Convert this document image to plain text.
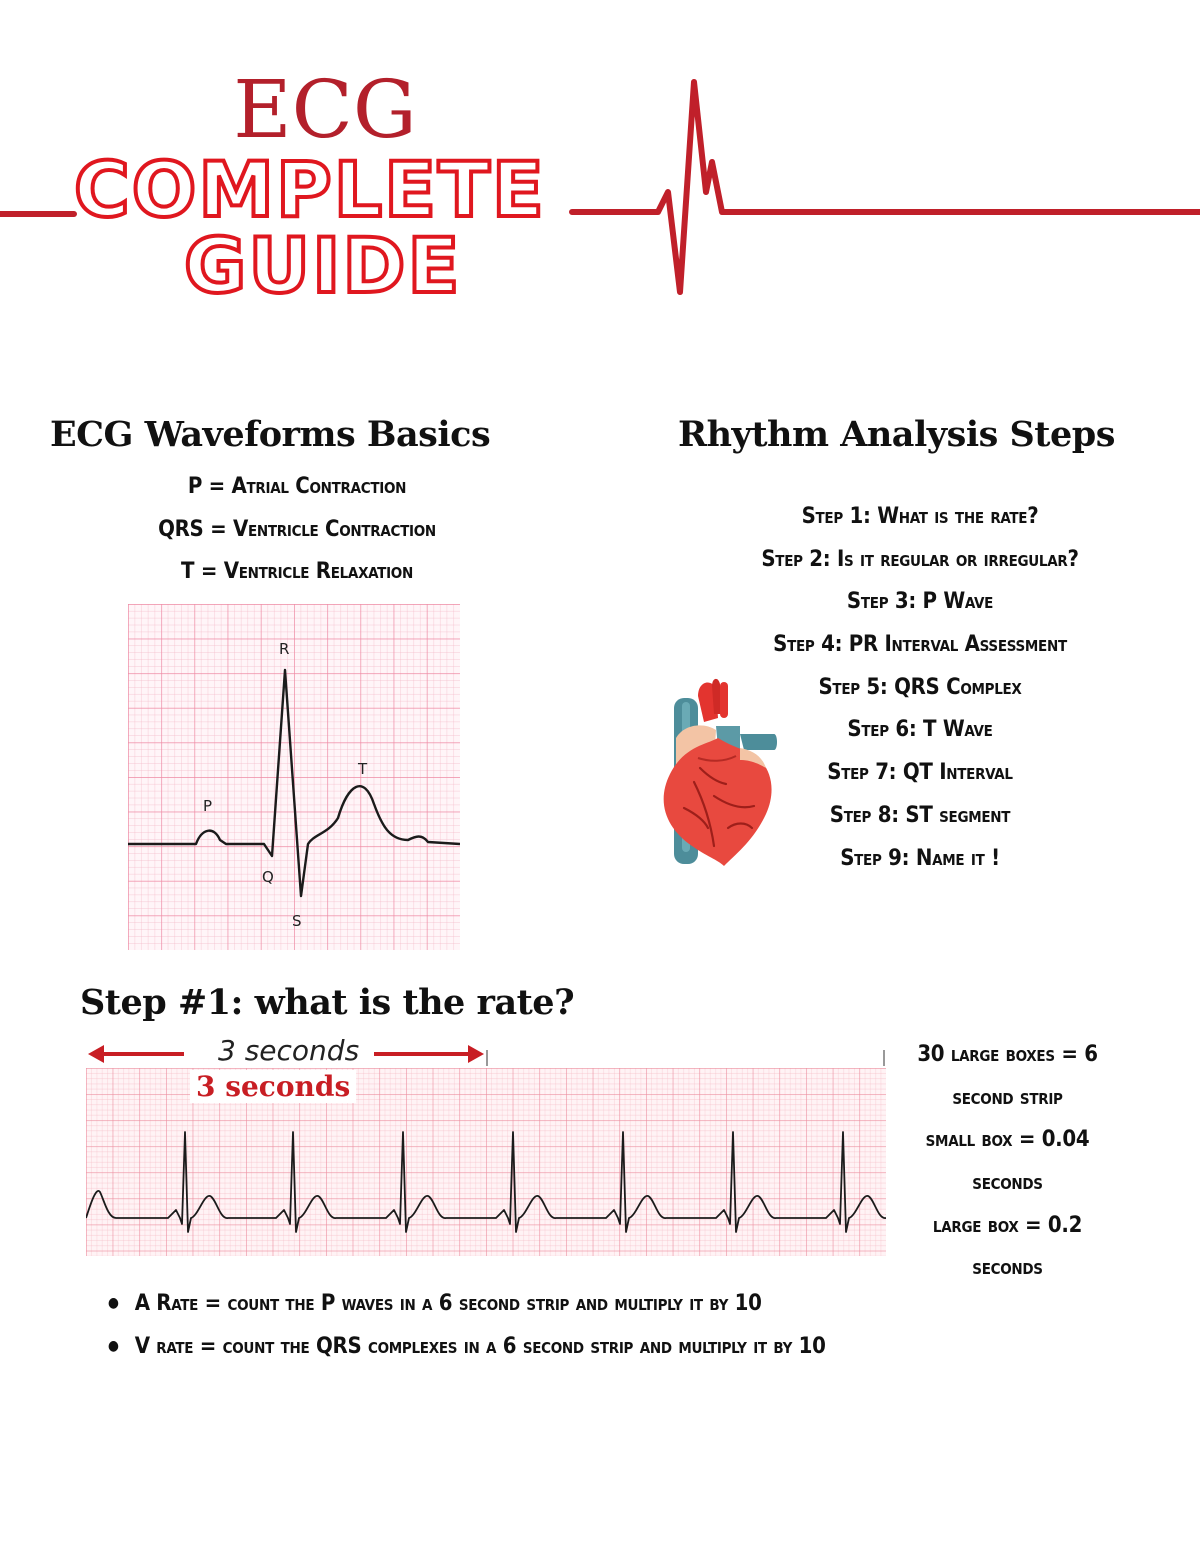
ECG
COMPLETE
GUIDE
ECG Waveforms Basics
P = Atrial Contraction
QRS = Ventricle Contraction
T = Ventricle Relaxation
P
Q
R
S
T
Rhythm Analysis Steps
Step 1: What is the rate?
Step 2: Is it regular or irregular?
Step 3: P Wave
Step 4: PR Interval Assessment
Step 5: QRS Complex
Step 6: T Wave
Step 7: QT Interval
Step 8: ST segment
Step 9: Name it !
Step #1: what is the rate?
3 seconds
3 seconds
30 large boxes = 6
second strip
small box = 0.04
seconds
large box = 0.2
seconds
● A Rate = count the P waves in a 6 second strip and multiply it by 10
● V rate = count the QRS complexes in a 6 second strip and multiply it by 10
